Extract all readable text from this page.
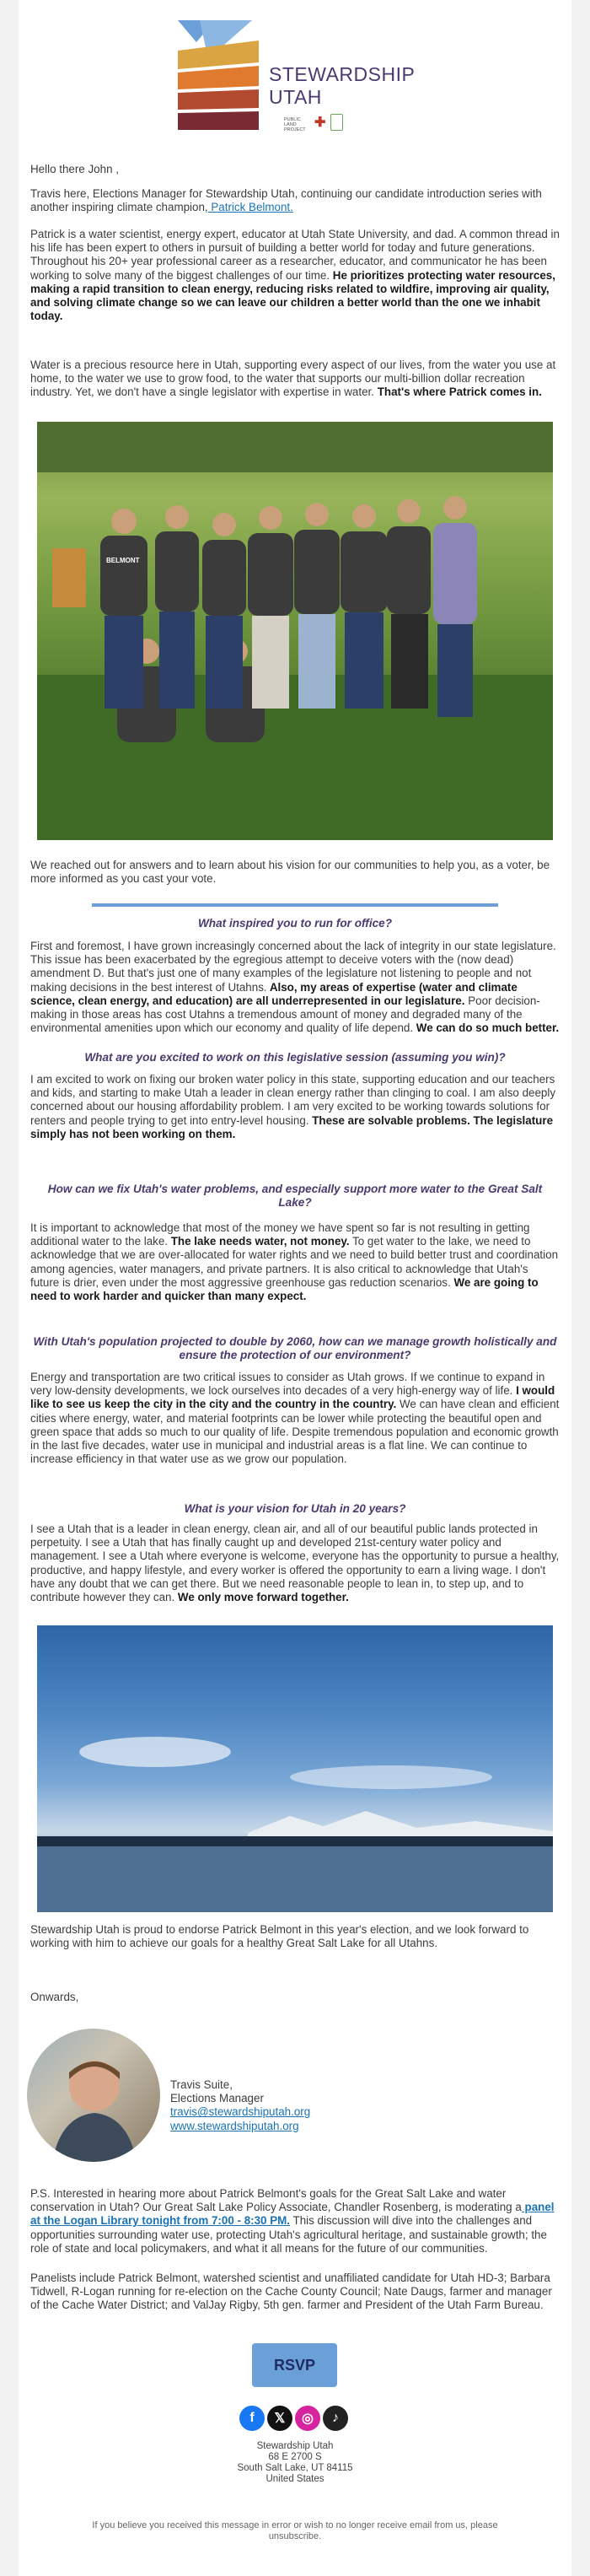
STEWARDSHIP
UTAH
PUBLIC LAND PROJECT ✚

Hello there John ,

Travis here, Elections Manager for Stewardship Utah, continuing our candidate introduction series with another inspiring climate champion, Patrick Belmont.

Patrick is a water scientist, energy expert, educator at Utah State University, and dad. A common thread in his life has been expert to others in pursuit of building a better world for today and future generations. Throughout his 20+ year professional career as a researcher, educator, and communicator he has been working to solve many of the biggest challenges of our time. He prioritizes protecting water resources, making a rapid transition to clean energy, reducing risks related to wildfire, improving air quality, and solving climate change so we can leave our children a better world than the one we inhabit today.

Water is a precious resource here in Utah, supporting every aspect of our lives, from the water you use at home, to the water we use to grow food, to the water that supports our multi-billion dollar recreation industry. Yet, we don't have a single legislator with expertise in water. That's where Patrick comes in.

BELMONT

We reached out for answers and to learn about his vision for our communities to help you, as a voter, be more informed as you cast your vote.

What inspired you to run for office?

First and foremost, I have grown increasingly concerned about the lack of integrity in our state legislature. This issue has been exacerbated by the egregious attempt to deceive voters with the (now dead) amendment D. But that's just one of many examples of the legislature not listening to people and not making decisions in the best interest of Utahns. Also, my areas of expertise (water and climate science, clean energy, and education) are all underrepresented in our legislature. Poor decision-making in those areas has cost Utahns a tremendous amount of money and degraded many of the environmental amenities upon which our economy and quality of life depend. We can do so much better.

What are you excited to work on this legislative session (assuming you win)?

I am excited to work on fixing our broken water policy in this state, supporting education and our teachers and kids, and starting to make Utah a leader in clean energy rather than clinging to coal. I am also deeply concerned about our housing affordability problem. I am very excited to be working towards solutions for renters and people trying to get into entry-level housing. These are solvable problems. The legislature simply has not been working on them.

How can we fix Utah's water problems, and especially support more water to the Great Salt Lake?

It is important to acknowledge that most of the money we have spent so far is not resulting in getting additional water to the lake. The lake needs water, not money. To get water to the lake, we need to acknowledge that we are over-allocated for water rights and we need to build better trust and coordination among agencies, water managers, and private partners. It is also critical to acknowledge that Utah's future is drier, even under the most aggressive greenhouse gas reduction scenarios. We are going to need to work harder and quicker than many expect.

With Utah's population projected to double by 2060, how can we manage growth holistically and ensure the protection of our environment?

Energy and transportation are two critical issues to consider as Utah grows. If we continue to expand in very low-density developments, we lock ourselves into decades of a very high-energy way of life. I would like to see us keep the city in the city and the country in the country. We can have clean and efficient cities where energy, water, and material footprints can be lower while protecting the beautiful open and green space that adds so much to our quality of life. Despite tremendous population and economic growth in the last five decades, water use in municipal and industrial areas is a flat line. We can continue to increase efficiency in that water use as we grow our population.

What is your vision for Utah in 20 years?

I see a Utah that is a leader in clean energy, clean air, and all of our beautiful public lands protected in perpetuity. I see a Utah that has finally caught up and developed 21st-century water policy and management. I see a Utah where everyone is welcome, everyone has the opportunity to pursue a healthy, productive, and happy lifestyle, and every worker is offered the opportunity to earn a living wage. I don't have any doubt that we can get there. But we need reasonable people to lean in, to step up, and to contribute however they can. We only move forward together.

Stewardship Utah is proud to endorse Patrick Belmont in this year's election, and we look forward to working with him to achieve our goals for a healthy Great Salt Lake for all Utahns.

Onwards,

Travis Suite,

Elections Manager

travis@stewardshiputah.org

www.stewardshiputah.org

P.S. Interested in hearing more about Patrick Belmont's goals for the Great Salt Lake and water conservation in Utah? Our Great Salt Lake Policy Associate, Chandler Rosenberg, is moderating a panel at the Logan Library tonight from 7:00 - 8:30 PM. This discussion will dive into the challenges and opportunities surrounding water use, protecting Utah's agricultural heritage, and sustainable growth; the role of state and local policymakers, and what it all means for the future of our communities.

Panelists include Patrick Belmont, watershed scientist and unaffiliated candidate for Utah HD-3; Barbara Tidwell, R-Logan running for re-election on the Cache County Council; Nate Daugs, farmer and manager of the Cache Water District; and ValJay Rigby, 5th gen. farmer and President of the Utah Farm Bureau.

RSVP
f	𝕏	◎	♪
Stewardship Utah
68 E 2700 S
South Salt Lake, UT 84115
United States
If you believe you received this message in error or wish to no longer receive email from us, please unsubscribe.
